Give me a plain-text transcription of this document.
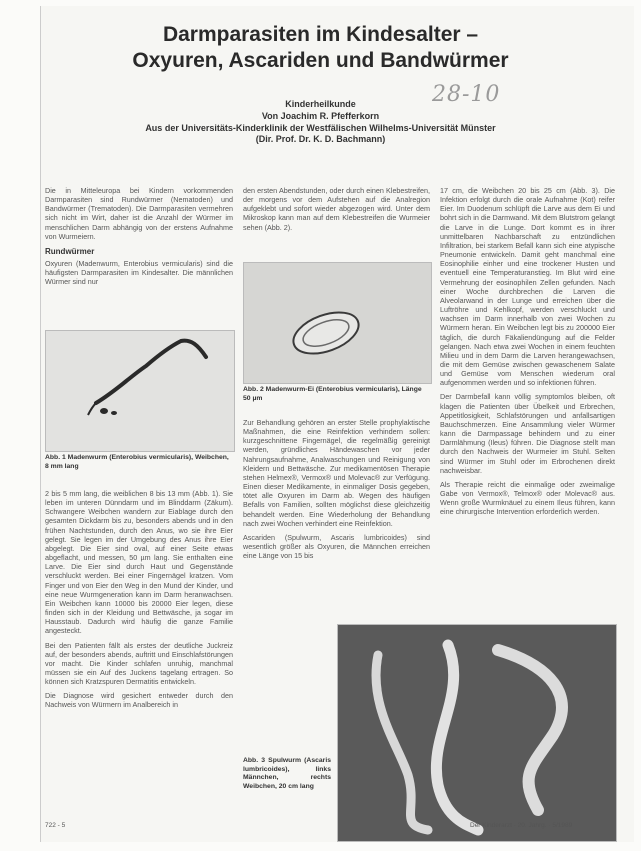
Darmparasiten im Kindesalter –
Oxyuren, Ascariden und Bandwürmer
28-10
Kinderheilkunde
Von Joachim R. Pfefferkorn
Aus der Universitäts-Kinderklinik der Westfälischen Wilhelms-Universität Münster
(Dir. Prof. Dr. K. D. Bachmann)

Die in Mitteleuropa bei Kindern vorkommenden Darmparasiten sind Rundwürmer (Nematoden) und Bandwürmer (Trematoden). Die Darmparasiten vermehren sich nicht im Wirt, daher ist die Anzahl der Würmer im menschlichen Darm abhängig von der erstens Aufnahme von Wurmeiern.

Rundwürmer

Oxyuren (Madenwurm, Enterobius vermicularis) sind die häufigsten Darmparasiten im Kindesalter. Die männlichen Würmer sind nur

Abb. 1 Madenwurm (Enterobius vermicularis), Weibchen, 8 mm lang

2 bis 5 mm lang, die weiblichen 8 bis 13 mm (Abb. 1). Sie leben im unteren Dünndarm und im Blinddarm (Zäkum). Schwangere Weibchen wandern zur Eiablage durch den gesamten Dickdarm bis zu, besonders abends und in den frühen Nachtstunden, durch den Anus, wo sie ihre Eier gelegt. Sie legen im der Umgebung des Anus ihre Eier abgelegt. Die Eier sind oval, auf einer Seite etwas abgeflacht, und messen, 50 µm lang. Sie enthalten eine Larve. Die Eier sind durch Haut und Gegenstände verschluckt werden. Bei einer Fingernägel kratzen. Vom Finger und von Eier den Weg in den Mund der Kinder, und eine neue Wurmgeneration kann im Darm heranwachsen. Ein Weibchen kann 10000 bis 20000 Eier legen, diese finden sich in der Kleidung und Bettwäsche, ja sogar im Hausstaub. Dadurch wird häufig die ganze Familie angesteckt.

Bei den Patienten fällt als erstes der deutliche Juckreiz auf, der besonders abends, auftritt und Einschlafstörungen vor macht. Die Kinder schlafen unruhig, manchmal müssen sie ein Auf des Juckens tagelang ertragen. So können sich Kratzspuren Dermatitis entwickeln.

Die Diagnose wird gesichert entweder durch den Nachweis von Würmern im Analbereich in

den ersten Abendstunden, oder durch einen Klebestreifen, der morgens vor dem Aufstehen auf die Analregion aufgeklebt und sofort wieder abgezogen wird. Unter dem Mikroskop kann man auf dem Klebestreifen die Wurmeier sehen (Abb. 2).

Abb. 2 Madenwurm-Ei (Enterobius vermicularis), Länge 50 µm

Zur Behandlung gehören an erster Stelle prophylaktische Maßnahmen, die eine Reinfektion verhindern sollen: kurzgeschnittene Fingernägel, die regelmäßig gereinigt werden, gründliches Händewaschen vor jeder Nahrungsaufnahme, Analwaschungen und Reinigung von Kleidern und Bettwäsche. Zur medikamentösen Therapie stehen Helmex®, Vermox® und Molevac® zur Verfügung. Einen dieser Medikamente, in einmaliger Dosis gegeben, tötet alle Oxyuren im Darm ab. Wegen des häufigen Befalls von Familien, sollten möglichst diese gleichzeitig behandelt werden. Eine Wiederholung der Behandlung nach zwei Wochen verhindert eine Reinfektion.

Ascariden (Spulwurm, Ascaris lumbricoides) sind wesentlich größer als Oxyuren, die Männchen erreichen eine Länge von 15 bis

17 cm, die Weibchen 20 bis 25 cm (Abb. 3). Die Infektion erfolgt durch die orale Aufnahme (Kot) reifer Eier. Im Duodenum schlüpft die Larve aus dem Ei und bohrt sich in die Darmwand. Mit dem Blutstrom gelangt die Larve in die Lunge. Dort kommt es in ihrer unmittelbaren Nachbarschaft zu entzündlichen Infiltration, bei starkem Befall kann sich eine atypische Pneumonie entwickeln. Damit geht manchmal eine Eosinophilie einher und eine trockener Husten und eventuell eine Temperaturanstieg. Im Blut wird eine Vermehrung der eosinophilen Zellen gefunden. Nach einer Woche durchbrechen die Larven die Alveolarwand in der Lunge und erreichen über die Luftröhre und Kehlkopf, werden verschluckt und wachsen im Darm innerhalb von zwei Wochen zu Würmern heran. Ein Weibchen legt bis zu 200000 Eier täglich, die durch Fäkaliendüngung auf die Felder gelangen. Nach etwa zwei Wochen in einem feuchten Milieu und in dem Darm die Larven herangewachsen, die mit dem Gemüse zwischen gewaschenem Salate und Gemüse vom Menschen wiederum oral aufgenommen werden und so infektionen führen.

Der Darmbefall kann völlig symptomlos bleiben, oft klagen die Patienten über Übelkeit und Erbrechen, Appetitlosigkeit, Schlafstörungen und anfallsartigen Bauchschmerzen. Eine Ansammlung vieler Würmer kann die Darmpassage behindern und zu einer Darmlähmung (Ileus) führen. Die Diagnose stellt man durch den Nachweis der Wurmeier im Stuhl. Selten sind Würmer im Stuhl oder im Erbrochenen direkt nachweisbar.

Als Therapie reicht die einmalige oder zweimalige Gabe von Vermox®, Telmox® oder Molevac® aus. Wenn große Wurmknäuel zu einem Ileus führen, kann eine chirurgische Intervention erforderlich werden.

Abb. 3 Spulwurm (Ascaris lumbricoides), links Männchen, rechts Weibchen, 20 cm lang
722 - 5	Der Kinderarzt · 20. Jahrg. · 5/1989
